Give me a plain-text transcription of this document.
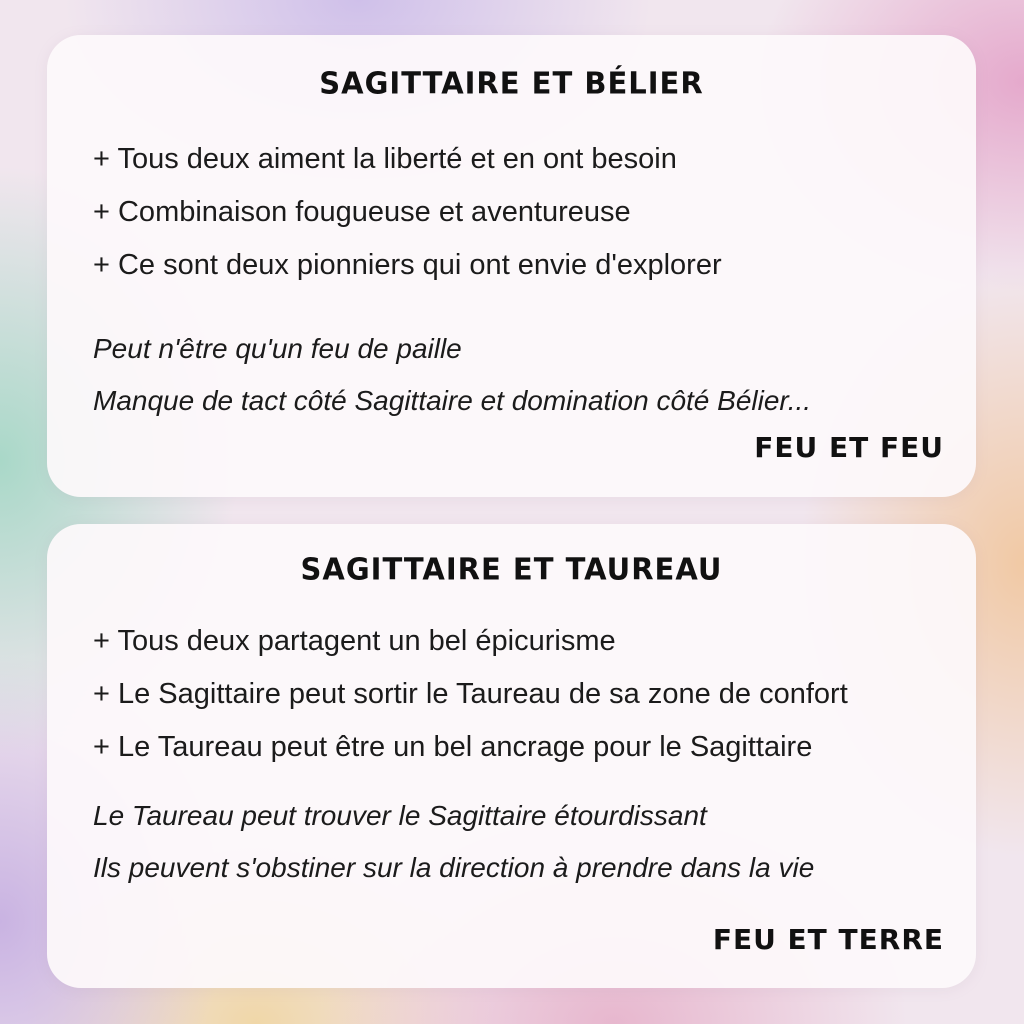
SAGITTAIRE ET BÉLIER
+ Tous deux aiment la liberté et en ont besoin
+ Combinaison fougueuse et aventureuse
+ Ce sont deux pionniers qui ont envie d'explorer
Peut n'être qu'un feu de paille
Manque de tact côté Sagittaire et domination côté Bélier...
FEU ET FEU
SAGITTAIRE ET TAUREAU
+ Tous deux partagent un bel épicurisme
+ Le Sagittaire peut sortir le Taureau de sa zone de confort
+ Le Taureau peut être un bel ancrage pour le Sagittaire
Le Taureau peut trouver le Sagittaire étourdissant
Ils peuvent s'obstiner sur la direction à prendre dans la vie
FEU ET TERRE
